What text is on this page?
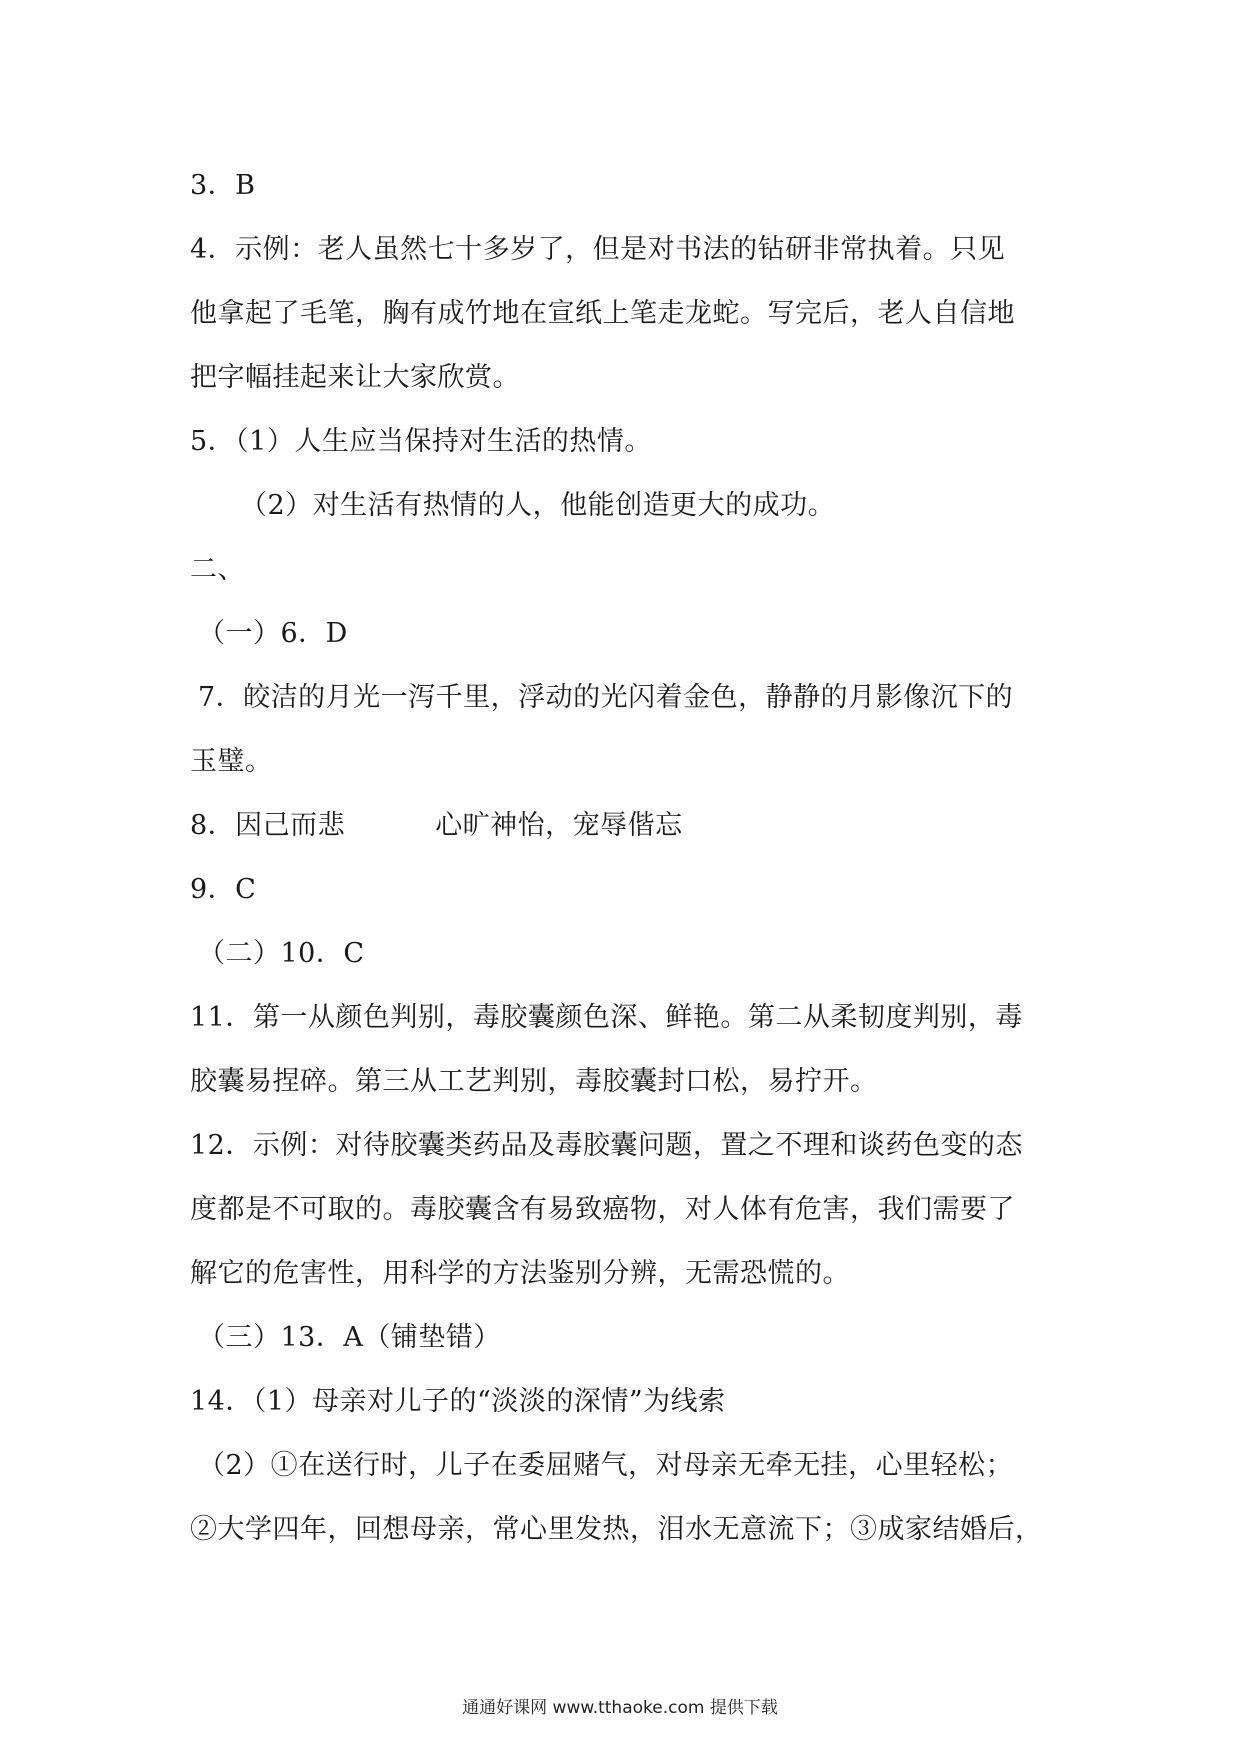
3．B
4．示例：老人虽然七十多岁了，但是对书法的钻研非常执着。只见
他拿起了毛笔，胸有成竹地在宣纸上笔走龙蛇。写完后，老人自信地
把字幅挂起来让大家欣赏。
5．（1）人生应当保持对生活的热情。
（2）对生活有热情的人，他能创造更大的成功。
二、
（一）6．D
7．皎洁的月光一泻千里，浮动的光闪着金色，静静的月影像沉下的
玉璧。
8．因己而悲	心旷神怡，宠辱偕忘
9．C
（二）10．C
11．第一从颜色判别，毒胶囊颜色深、鲜艳。第二从柔韧度判别，毒
胶囊易捏碎。第三从工艺判别，毒胶囊封口松，易拧开。
12．示例：对待胶囊类药品及毒胶囊问题，置之不理和谈药色变的态
度都是不可取的。毒胶囊含有易致癌物，对人体有危害，我们需要了
解它的危害性，用科学的方法鉴别分辨，无需恐慌的。
（三）13．A（铺垫错）
14．（1）母亲对儿子的“淡淡的深情”为线索
（2）①在送行时，儿子在委屈赌气，对母亲无牵无挂，心里轻松；
②大学四年，回想母亲，常心里发热，泪水无意流下；③成家结婚后，
通通好课网 www.tthaoke.com 提供下载
